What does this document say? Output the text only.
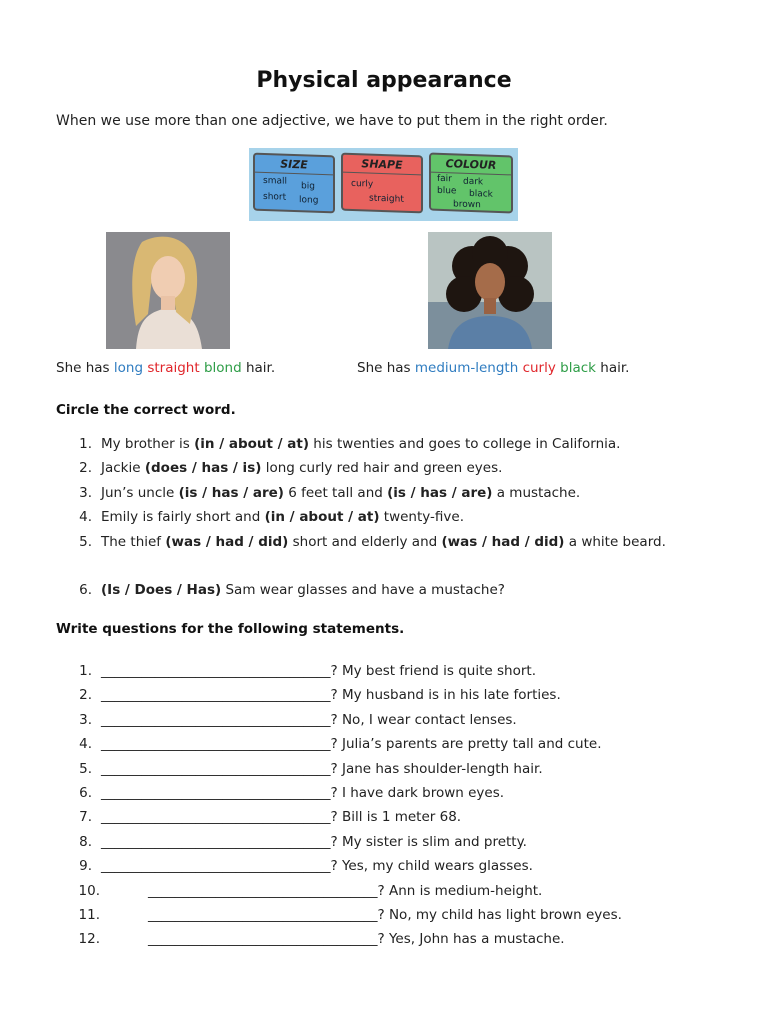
Physical appearance
When we use more than one adjective, we have to put them in the right order.
SIZE
small big
short long
SHAPE
curly
straight
COLOUR
fair dark
blue black
brown
She has long straight blond hair.	She has medium-length curly black hair.
Circle the correct word.
1. My brother is (in / about / at) his twenties and goes to college in California.
2. Jackie (does / has / is) long curly red hair and green eyes.
3. Jun’s uncle (is / has / are) 6 feet tall and (is / has / are) a mustache.
4. Emily is fairly short and (in / about / at) twenty-five.
5. The thief (was / had / did) short and elderly and (was / had / did) a white beard.
6. (Is / Does / Has) Sam wear glasses and have a mustache?
Write questions for the following statements.
1. __________________________________? My best friend is quite short.
2. __________________________________? My husband is in his late forties.
3. __________________________________? No, I wear contact lenses.
4. __________________________________? Julia’s parents are pretty tall and cute.
5. __________________________________? Jane has shoulder-length hair.
6. __________________________________? I have dark brown eyes.
7. __________________________________? Bill is 1 meter 68.
8. __________________________________? My sister is slim and pretty.
9. __________________________________? Yes, my child wears glasses.
10.	__________________________________? Ann is medium-height.
11.	__________________________________? No, my child has light brown eyes.
12.	__________________________________? Yes, John has a mustache.
